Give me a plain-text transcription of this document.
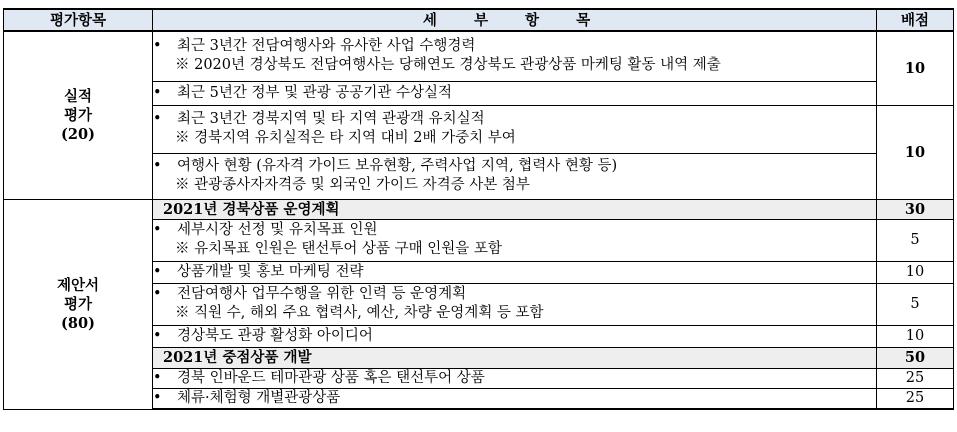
평가항목	세 부 항 목	배점

실적
평가
(20)	• 최근 3년간 전담여행사와 유사한 사업 수행경력
※ 2020년 경상북도 전담여행사는 당해연도 경상북도 관광상품 마케팅 활동 내역 제출	10
	• 최근 5년간 정부 및 관광 공공기관 수상실적	

	• 최근 3년간 경북지역 및 타 지역 관광객 유치실적
※ 경북지역 유치실적은 타 지역 대비 2배 가중치 부여	10

	• 여행사 현황 (유자격 가이드 보유현황, 주력사업 지역, 협력사 현황 등)
※ 관광종사자자격증 및 외국인 가이드 자격증 사본 첨부	

제안서
평가
(80)	2021년 경북상품 운영계획	30

	• 세부시장 선정 및 유치목표 인원
※ 유치목표 인원은 탠선투어 상품 구매 인원을 포함	5
	• 상품개발 및 홍보 마케팅 전략	10

	• 전담여행사 업무수행을 위한 인력 등 운영계획
※ 직원 수, 해외 주요 협력사, 예산, 차량 운영계획 등 포함	5
	• 경상북도 관광 활성화 아이디어	10
	2021년 중점상품 개발	50
	• 경북 인바운드 테마관광 상품 혹은 탠선투어 상품	25
	• 체류·체험형 개별관광상품	25
